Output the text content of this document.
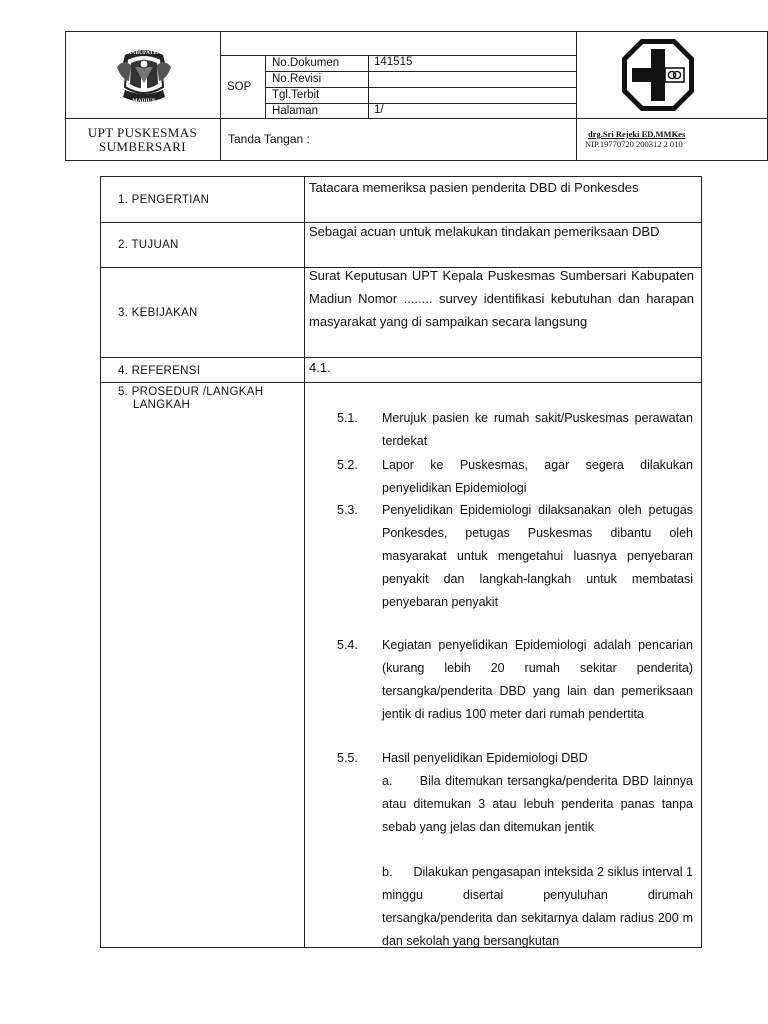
KABUPATEN
MADIUN
SOP
No.Dokumen	141515
No.Revisi
Tgl.Terbit
Halaman	1/
UPT PUSKESMAS
SUMBERSARI	Tanda Tangan :	drg.Sri Rejeki ED,MMKes
NIP.19770720 200312 2 010
1. PENGERTIAN
Tatacara memeriksa pasien penderita DBD di Ponkesdes
2. TUJUAN
Sebagai acuan untuk melakukan tindakan pemeriksaan DBD
3. KEBIJAKAN
Surat Keputusan UPT Kepala Puskesmas Sumbersari Kabupaten Madiun Nomor ........ survey identifikasi kebutuhan dan harapan masyarakat yang di sampaikan secara langsung
4. REFERENSI	4.1.
5. PROSEDUR /LANGKAH
LANGKAH
5.1. Merujuk pasien ke rumah sakit/Puskesmas perawatan terdekat
5.2. Lapor ke Puskesmas, agar segera dilakukan penyelidikan Epidemiologi
5.3. Penyelidikan Epidemiologi dilaksanakan oleh petugas Ponkesdes, petugas Puskesmas dibantu oleh masyarakat untuk mengetahui luasnya penyebaran penyakit dan langkah-langkah untuk membatasi penyebaran penyakit
5.4. Kegiatan penyelidikan Epidemiologi adalah pencarian (kurang lebih 20 rumah sekitar penderita) tersangka/penderita DBD yang lain dan pemeriksaan jentik di radius 100 meter dari rumah pendertita
5.5. Hasil penyelidikan Epidemiologi DBD
a.      Bila ditemukan tersangka/penderita DBD lainnya atau ditemukan 3 atau lebuh penderita panas tanpa sebab yang jelas dan ditemukan jentik
b.      Dilakukan pengasapan inteksida 2 siklus interval 1 minggu disertai penyuluhan dirumah tersangka/penderita dan sekitarnya dalam radius 200 m dan sekolah yang bersangkutan
